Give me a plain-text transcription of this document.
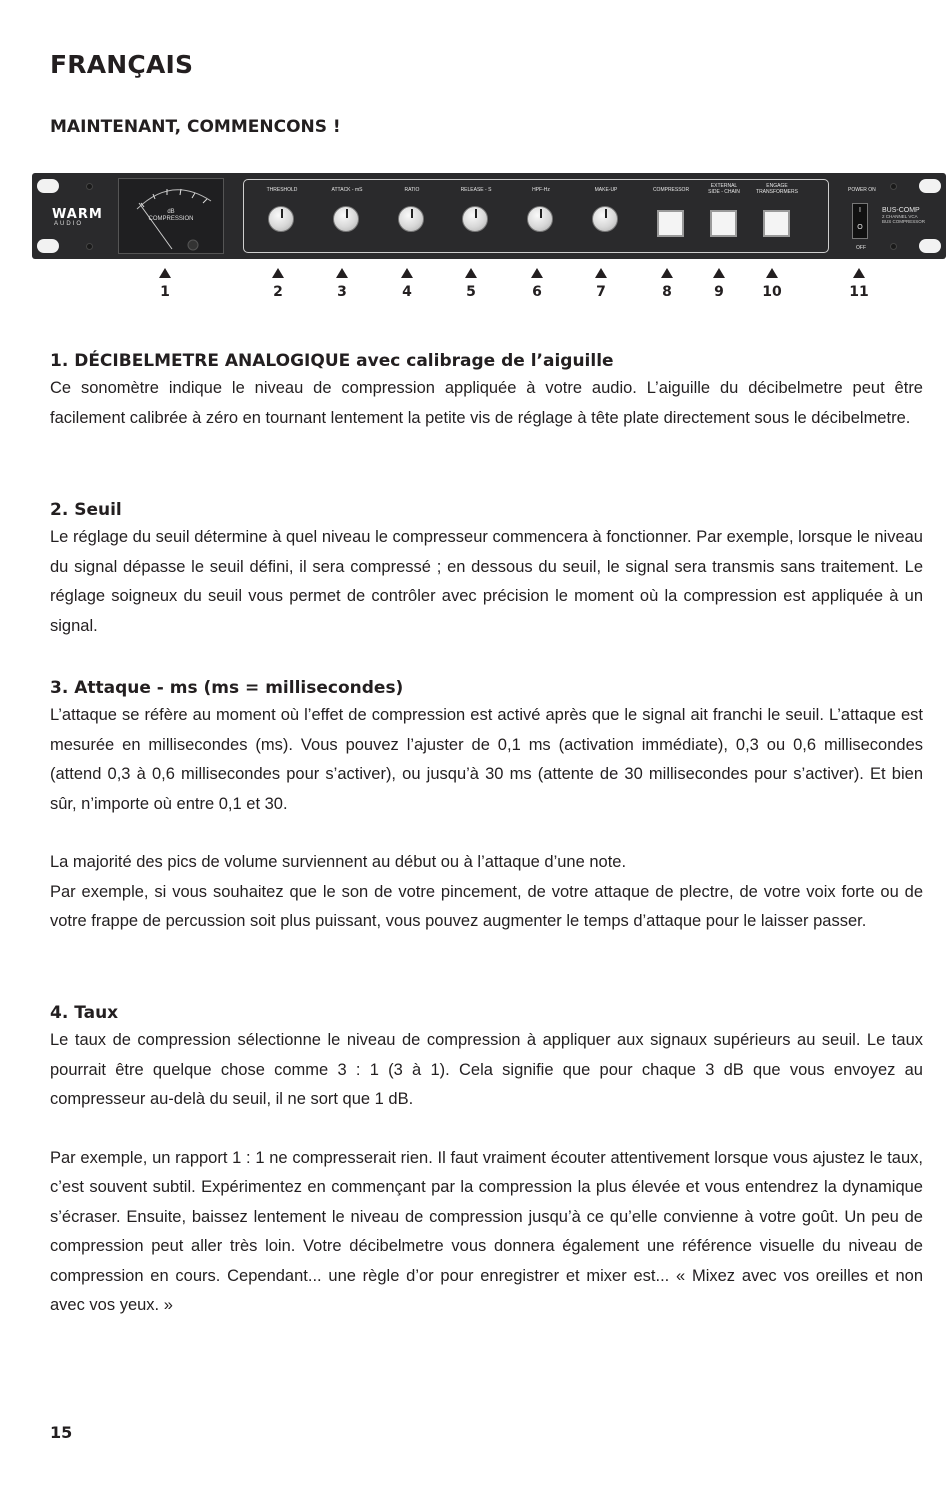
FRANÇAIS
MAINTENANT, COMMENCONS !
WARM
AUDIO
dB
COMPRESSION
THRESHOLD	ATTACK - mS	RATIO	RELEASE - S	HPF-Hz	MAKE-UP	COMPRESSOR
EXTERNAL
SIDE - CHAIN
ENGAGE
TRANSFORMERS	POWER ON
I
O
OFF
BUS-COMP
2 CHANNEL VCA
BUS COMPRESSOR
1	2	3	4	5	6	7	8	9	10	11
1. DÉCIBELMETRE ANALOGIQUE avec calibrage de l’aiguille

Ce sonomètre indique le niveau de compression appliquée à votre audio. L’aiguille du décibelmetre peut être facilement calibrée à zéro en tournant lentement la petite vis de réglage à tête plate directement sous le décibelmetre.

2. Seuil

Le réglage du seuil détermine à quel niveau le compresseur commencera à fonctionner. Par exemple, lorsque le niveau du signal dépasse le seuil défini, il sera compressé ; en dessous du seuil, le signal sera transmis sans traitement. Le réglage soigneux du seuil vous permet de contrôler avec précision le moment où la compression est appliquée à un signal.

3. Attaque - ms (ms = millisecondes)

L’attaque se réfère au moment où l’effet de compression est activé après que le signal ait franchi le seuil. L’attaque est mesurée en millisecondes (ms). Vous pouvez l’ajuster de 0,1 ms (activation immédiate), 0,3 ou 0,6 millisecondes (attend 0,3 à 0,6 millisecondes pour s’activer), ou jusqu’à 30 ms (attente de 30 millisecondes pour s’activer). Et bien sûr, n’importe où entre 0,1 et 30.

La majorité des pics de volume surviennent au début ou à l’attaque d’une note.

Par exemple, si vous souhaitez que le son de votre pincement, de votre attaque de plectre, de votre voix forte ou de votre frappe de percussion soit plus puissant, vous pouvez augmenter le temps d’attaque pour le laisser passer.

4. Taux

Le taux de compression sélectionne le niveau de compression à appliquer aux signaux supérieurs au seuil. Le taux pourrait être quelque chose comme 3 : 1 (3 à 1). Cela signifie que pour chaque 3 dB que vous envoyez au compresseur au-delà du seuil, il ne sort que 1 dB.

Par exemple, un rapport 1 : 1 ne compresserait rien. Il faut vraiment écouter attentivement lorsque vous ajustez le taux, c’est souvent subtil. Expérimentez en commençant par la compression la plus élevée et vous entendrez la dynamique s’écraser. Ensuite, baissez lentement le niveau de compression jusqu’à ce qu’elle convienne à votre goût. Un peu de compression peut aller très loin. Votre décibelmetre vous donnera également une référence visuelle du niveau de compression en cours. Cependant... une règle d’or pour enregistrer et mixer est... « Mixez avec vos oreilles et non avec vos yeux. »

15
